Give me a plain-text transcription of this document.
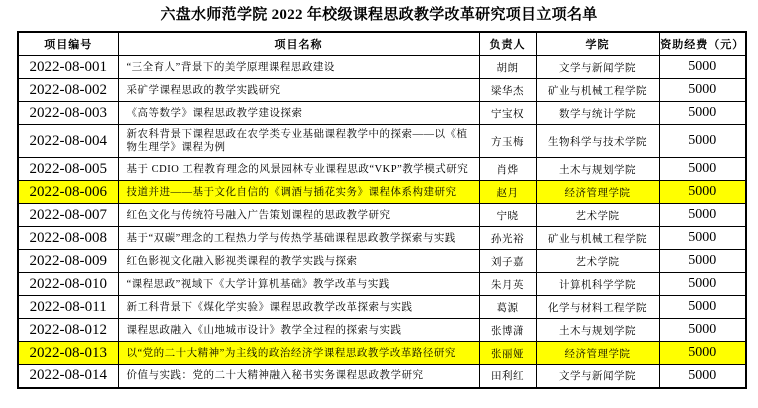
六盘水师范学院 2022 年校级课程思政教学改革研究项目立项名单
项目编号	项目名称	负责人	学院	资助经费（元）
2022-08-001	“三全育人”背景下的美学原理课程思政建设	胡朗	文学与新闻学院	5000
2022-08-002	采矿学课程思政的教学实践研究	梁华杰	矿业与机械工程学院	5000
2022-08-003	《高等数学》课程思政教学建设探索	宁宝权	数学与统计学院	5000
2022-08-004	新农科背景下课程思政在农学类专业基础课程教学中的探索——以《植物生理学》课程为例	方玉梅	生物科学与技术学院	5000
2022-08-005	基于 CDIO 工程教育理念的风景园林专业课程思政“VKP”教学模式研究	肖烨	土木与规划学院	5000
2022-08-006	技道并进——基于文化自信的《调酒与插花实务》课程体系构建研究	赵月	经济管理学院	5000
2022-08-007	红色文化与传统符号融入广告策划课程的思政教学研究	宁晓	艺术学院	5000
2022-08-008	基于“双碳”理念的工程热力学与传热学基础课程思政教学探索与实践	孙光裕	矿业与机械工程学院	5000
2022-08-009	红色影视文化融入影视类课程的教学实践与探索	刘子嘉	艺术学院	5000
2022-08-010	“课程思政”视域下《大学计算机基础》教学改革与实践	朱月英	计算机科学学院	5000
2022-08-011	新工科背景下《煤化学实验》课程思政教学改革探索与实践	葛源	化学与材料工程学院	5000
2022-08-012	课程思政融入《山地城市设计》教学全过程的探索与实践	张博潇	土木与规划学院	5000
2022-08-013	以“党的二十大精神”为主线的政治经济学课程思政教学改革路径研究	张丽娅	经济管理学院	5000
2022-08-014	价值与实践：党的二十大精神融入秘书实务课程思政教学研究	田利红	文学与新闻学院	5000
